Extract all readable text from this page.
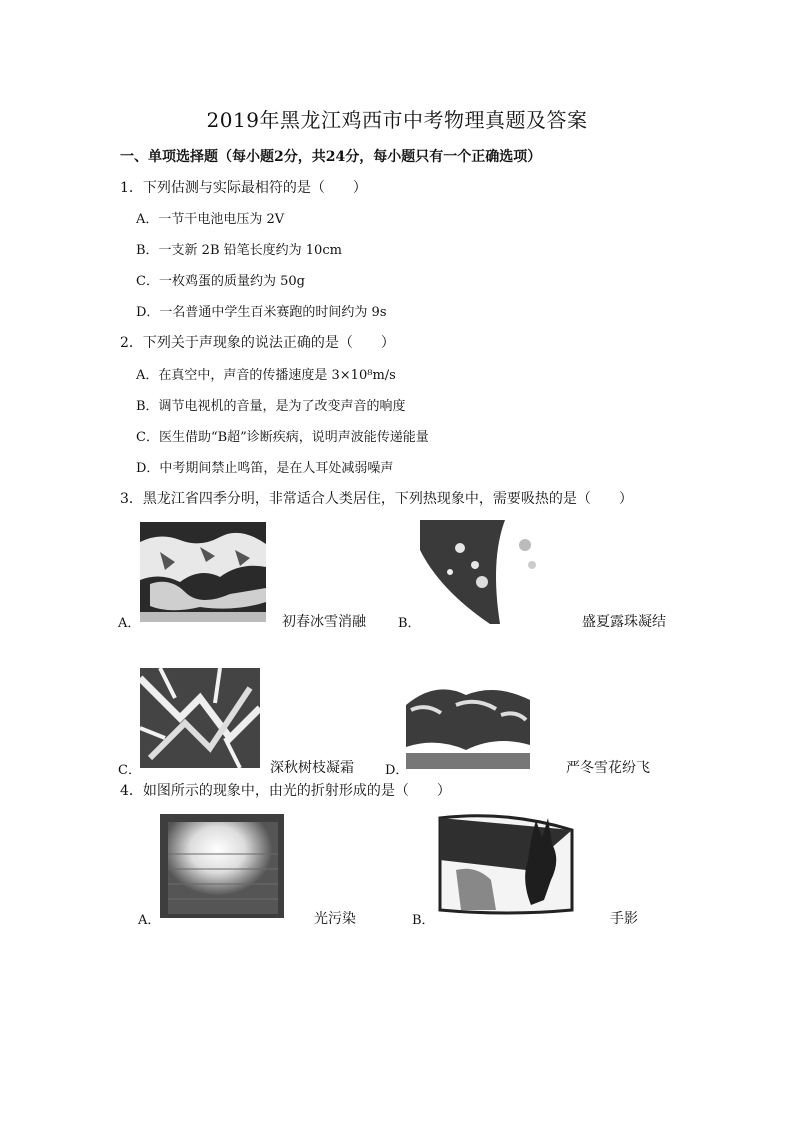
2019年黑龙江鸡西市中考物理真题及答案
一、单项选择题（每小题2分，共24分，每小题只有一个正确选项）
1．下列估测与实际最相符的是（　　）
A．一节干电池电压为 2V
B．一支新 2B 铅笔长度约为 10cm
C．一枚鸡蛋的质量约为 50g
D．一名普通中学生百米赛跑的时间约为 9s
2．下列关于声现象的说法正确的是（　　）
A．在真空中，声音的传播速度是 3×10⁸m/s
B．调节电视机的音量，是为了改变声音的响度
C．医生借助“B超”诊断疾病，说明声波能传递能量
D．中考期间禁止鸣笛，是在人耳处减弱噪声
3．黑龙江省四季分明，非常适合人类居住，下列热现象中，需要吸热的是（　　）
A．	初春冰雪消融 B．	盛夏露珠凝结
C．	深秋树枝凝霜 D．	严冬雪花纷飞
4．如图所示的现象中，由光的折射形成的是（　　）
A．	光污染	B．	手影
